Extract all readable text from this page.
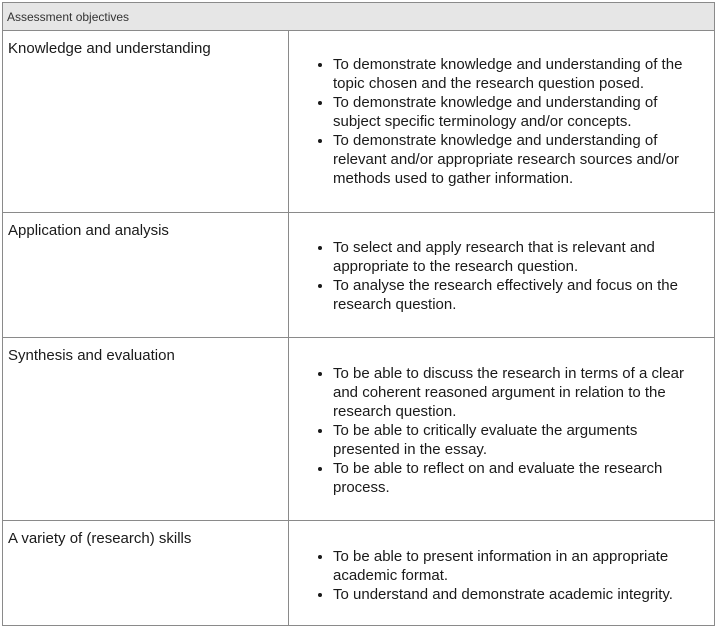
Assessment objectives
Knowledge and understanding
• To demonstrate knowledge and understanding of the topic chosen and the research question posed.
• To demonstrate knowledge and understanding of subject specific terminology and/or concepts.
• To demonstrate knowledge and understanding of relevant and/or appropriate research sources and/or methods used to gather information.
Application and analysis
• To select and apply research that is relevant and appropriate to the research question.
• To analyse the research effectively and focus on the research question.
Synthesis and evaluation
• To be able to discuss the research in terms of a clear and coherent reasoned argument in relation to the research question.
• To be able to critically evaluate the arguments presented in the essay.
• To be able to reflect on and evaluate the research process.
A variety of (research) skills
• To be able to present information in an appropriate academic format.
• To understand and demonstrate academic integrity.
